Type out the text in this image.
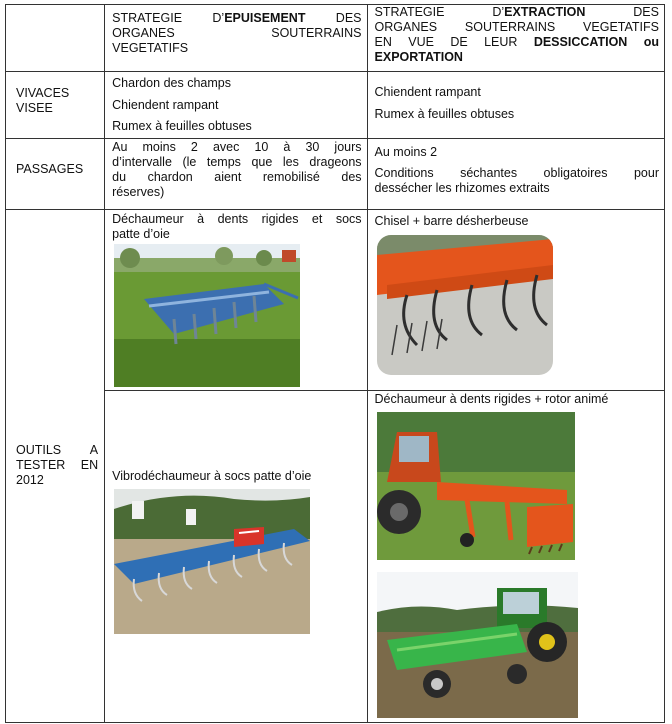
	STRATEGIE D’EPUISEMENT DES
ORGANES SOUTERRAINS
VEGETATIFS	STRATEGIE D’EXTRACTION DES
ORGANES SOUTERRAINS VEGETATIFS
EN VUE DE LEUR DESSICCATION ou
EXPORTATION

VIVACES
VISEE	Chardon des champs
Chiendent rampant
Rumex à feuilles obtuses	Chiendent rampant
Rumex à feuilles obtuses

PASSAGES	Au moins 2 avec 10 à 30 jours
d’intervalle (le temps que les drageons
du chardon aient remobilisé des
réserves)	Au moins 2
Conditions séchantes obligatoires pour
dessécher les rhizomes extraits

OUTILS A
TESTER EN
2012	Déchaumeur à dents rigides et socs
patte d’oie	Chisel + barre désherbeuse

	Vibrodéchaumeur à socs patte d’oie	Déchaumeur à dents rigides + rotor animé
